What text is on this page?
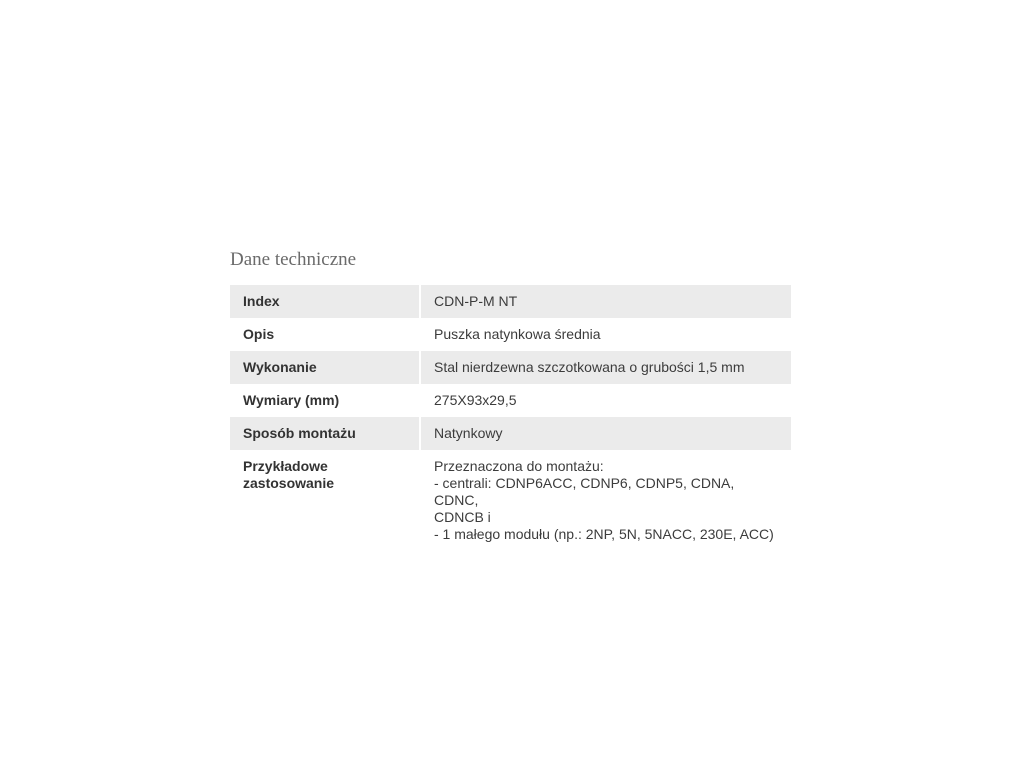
Dane techniczne
Index	CDN-P-M NT
Opis	Puszka natynkowa średnia
Wykonanie	Stal nierdzewna szczotkowana o grubości 1,5 mm
Wymiary (mm)	275X93x29,5
Sposób montażu	Natynkowy
Przykładowe
zastosowanie	Przeznaczona do montażu:
- centrali: CDNP6ACC, CDNP6, CDNP5, CDNA, CDNC,
CDNCB i
- 1 małego modułu (np.: 2NP, 5N, 5NACC, 230E, ACC)
